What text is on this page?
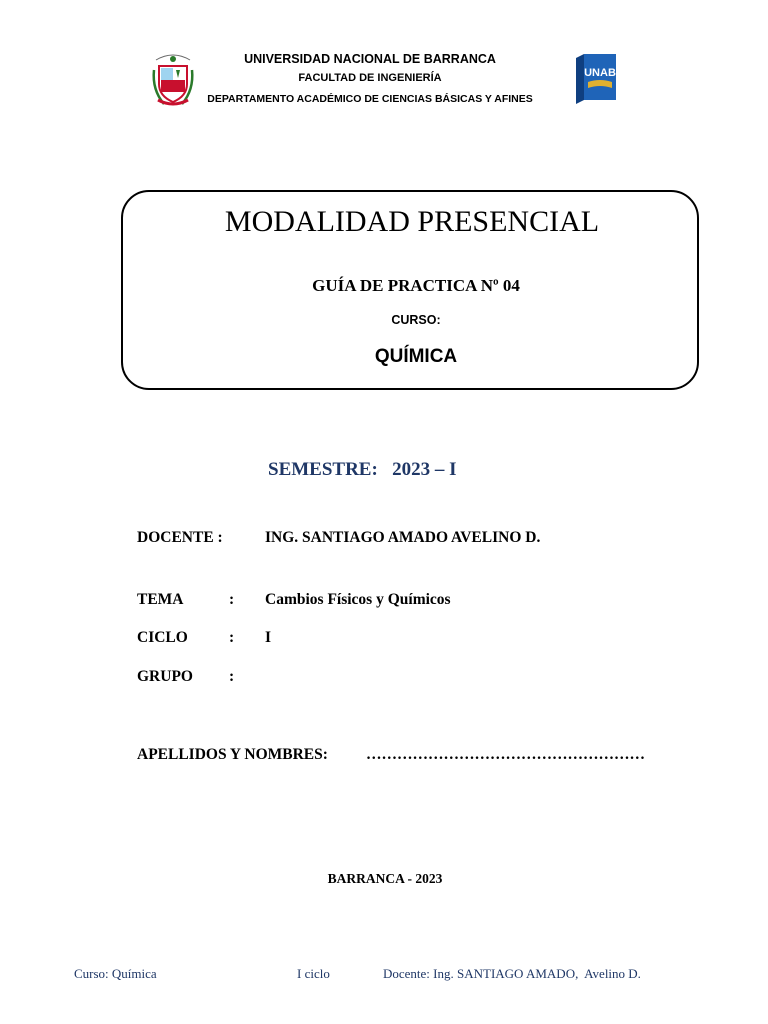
UNIVERSIDAD NACIONAL DE BARRANCA
FACULTAD DE INGENIERÍA
DEPARTAMENTO ACADÉMICO DE CIENCIAS BÁSICAS Y AFINES
UNAB
MODALIDAD PRESENCIAL
GUÍA DE PRACTICA Nº 04
CURSO:
QUÍMICA
SEMESTRE: 2023 – I
DOCENTE :	ING. SANTIAGO AMADO AVELINO D.
TEMA	: Cambios Físicos y Químicos
CICLO	: I
GRUPO :
APELLIDOS Y NOMBRES: ………………………………………………
BARRANCA - 2023
Curso: Química	I ciclo	Docente: Ing. SANTIAGO AMADO,  Avelino D.
